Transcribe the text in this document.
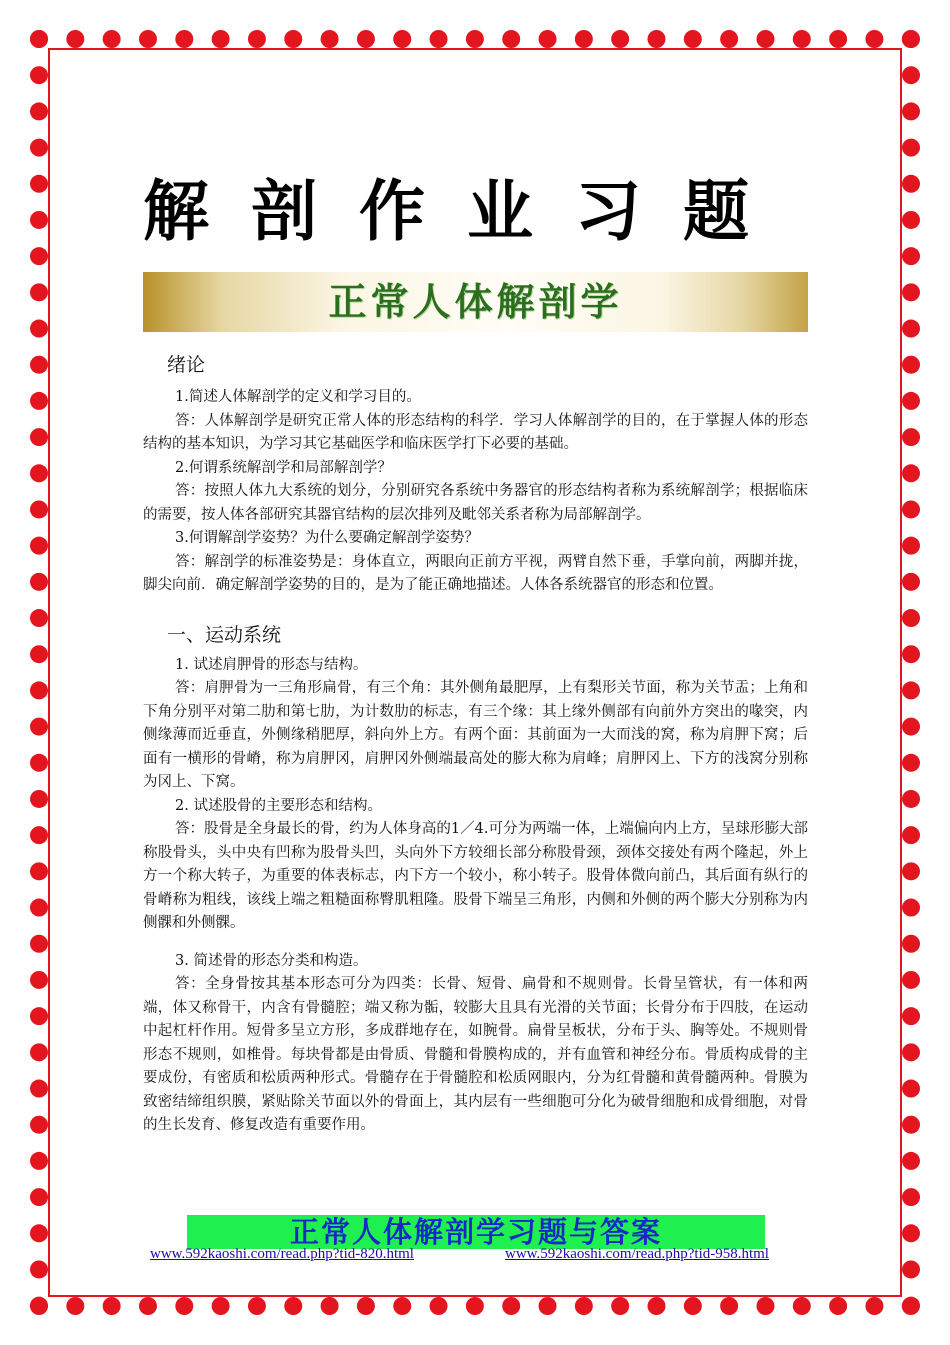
解剖作业习题
正常人体解剖学

绪论

1.简述人体解剖学的定义和学习目的。

答：人体解剖学是研究正常人体的形态结构的科学．学习人体解剖学的目的，在于掌握人体的形态结构的基本知识，为学习其它基础医学和临床医学打下必要的基础。

2.何谓系统解剖学和局部解剖学？

答：按照人体九大系统的划分，分别研究各系统中务器官的形态结构者称为系统解剖学；根据临床的需要，按人体各部研究其器官结构的层次排列及毗邻关系者称为局部解剖学。

3.何谓解剖学姿势？为什么要确定解剖学姿势？

答：解剖学的标准姿势是：身体直立，两眼向正前方平视，两臂自然下垂，手掌向前，两脚并拢，脚尖向前．确定解剖学姿势的目的，是为了能正确地描述。人体各系统器官的形态和位置。

一、运动系统

1. 试述肩胛骨的形态与结构。

答：肩胛骨为一三角形扁骨，有三个角：其外侧角最肥厚，上有梨形关节面，称为关节盂；上角和下角分别平对第二肋和第七肋，为计数肋的标志，有三个缘：其上缘外侧部有向前外方突出的喙突，内侧缘薄而近垂直，外侧缘稍肥厚，斜向外上方。有两个面：其前面为一大而浅的窝，称为肩胛下窝；后面有一横形的骨嵴，称为肩胛冈，肩胛冈外侧端最高处的膨大称为肩峰；肩胛冈上、下方的浅窝分别称为冈上、下窝。

2. 试述股骨的主要形态和结构。

答：股骨是全身最长的骨，约为人体身高的1／4.可分为两端一体，上端偏向内上方，呈球形膨大部称股骨头，头中央有凹称为股骨头凹，头向外下方较细长部分称股骨颈，颈体交接处有两个隆起，外上方一个称大转子，为重要的体表标志，内下方一个较小，称小转子。股骨体微向前凸，其后面有纵行的骨嵴称为粗线，该线上端之粗糙面称臀肌粗隆。股骨下端呈三角形，内侧和外侧的两个膨大分别称为内侧髁和外侧髁。

3. 简述骨的形态分类和构造。

答：全身骨按其基本形态可分为四类：长骨、短骨、扁骨和不规则骨。长骨呈管状，有一体和两端，体又称骨干，内含有骨髓腔；端又称为骺，较膨大且具有光滑的关节面；长骨分布于四肢，在运动中起杠杆作用。短骨多呈立方形，多成群地存在，如腕骨。扁骨呈板状，分布于头、胸等处。不规则骨形态不规则，如椎骨。每块骨都是由骨质、骨髓和骨膜构成的，并有血管和神经分布。骨质构成骨的主要成份，有密质和松质两种形式。骨髓存在于骨髓腔和松质网眼内，分为红骨髓和黄骨髓两种。骨膜为致密结缔组织膜，紧贴除关节面以外的骨面上，其内层有一些细胞可分化为破骨细胞和成骨细胞，对骨的生长发育、修复改造有重要作用。

正常人体解剖学习题与答案
www.592kaoshi.com/read.php?tid-820.html	www.592kaoshi.com/read.php?tid-958.html
